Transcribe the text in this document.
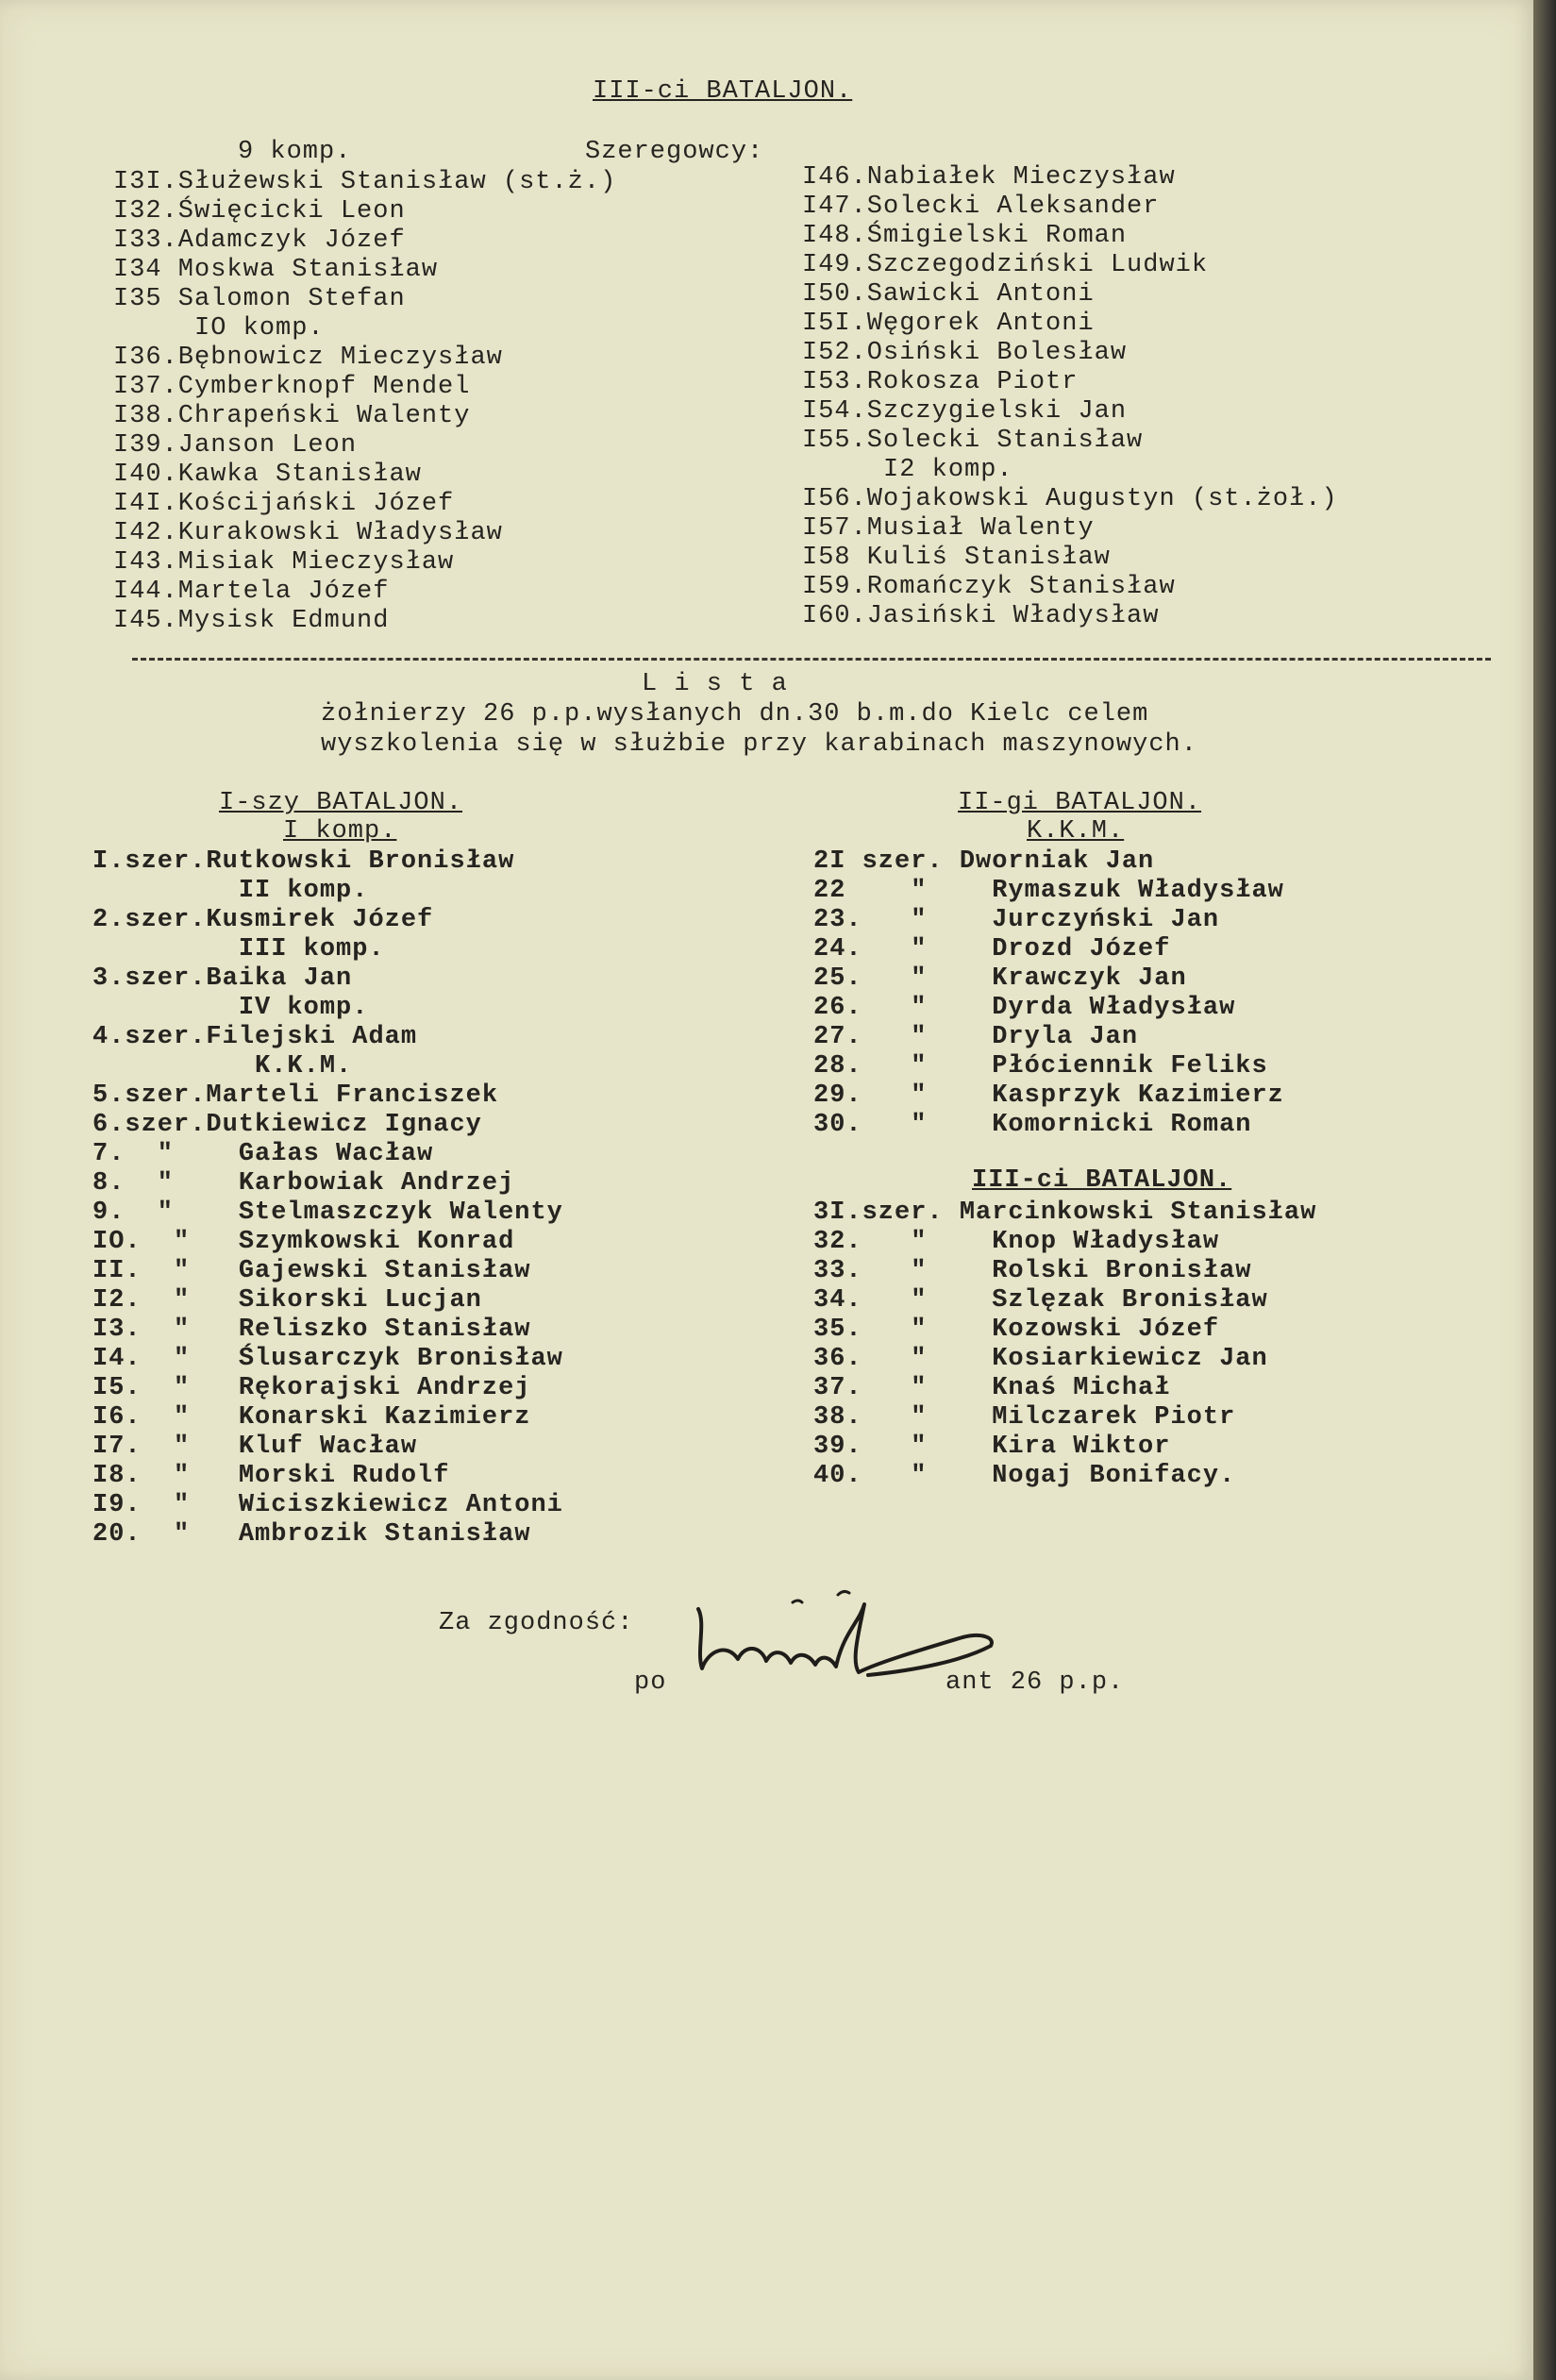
III-ci BATALJON.
9 komp.	Szeregowcy:
I3I.Służewski Stanisław (st.ż.)
I32.Święcicki Leon
I33.Adamczyk Józef
I34 Moskwa Stanisław
I35 Salomon Stefan
IO komp.
I36.Bębnowicz Mieczysław
I37.Cymberknopf Mendel
I38.Chrapeński Walenty
I39.Janson Leon
I40.Kawka Stanisław
I4I.Kościjański Józef
I42.Kurakowski Władysław
I43.Misiak Mieczysław
I44.Martela Józef
I45.Mysisk Edmund
I46.Nabiałek Mieczysław
I47.Solecki Aleksander
I48.Śmigielski Roman
I49.Szczegodziński Ludwik
I50.Sawicki Antoni
I5I.Węgorek Antoni
I52.Osiński Bolesław
I53.Rokosza Piotr
I54.Szczygielski Jan
I55.Solecki Stanisław
I2 komp.
I56.Wojakowski Augustyn (st.żoł.)
I57.Musiał Walenty
I58 Kuliś Stanisław
I59.Romańczyk Stanisław
I60.Jasiński Władysław
L i s t a
żołnierzy 26 p.p.wysłanych dn.30 b.m.do Kielc celem
wyszkolenia się w służbie przy karabinach maszynowych.
I-szy BATALJON.
I komp.
I.szer.Rutkowski Bronisław
II komp.
2.szer.Kusmirek Józef
III komp.
3.szer.Baika Jan
IV komp.
4.szer.Filejski Adam
K.K.M.
5.szer.Marteli Franciszek
6.szer.Dutkiewicz Ignacy
7.  "    Gałas Wacław
8.  "    Karbowiak Andrzej
9.  "    Stelmaszczyk Walenty
IO.  "   Szymkowski Konrad
II.  "   Gajewski Stanisław
I2.  "   Sikorski Lucjan
I3.  "   Reliszko Stanisław
I4.  "   Ślusarczyk Bronisław
I5.  "   Rękorajski Andrzej
I6.  "   Konarski Kazimierz
I7.  "   Kluf Wacław
I8.  "   Morski Rudolf
I9.  "   Wiciszkiewicz Antoni
20.  "   Ambrozik Stanisław
II-gi BATALJON.
K.K.M.
2I szer. Dworniak Jan
22    "    Rymaszuk Władysław
23.   "    Jurczyński Jan
24.   "    Drozd Józef
25.   "    Krawczyk Jan
26.   "    Dyrda Władysław
27.   "    Dryla Jan
28.   "    Płóciennik Feliks
29.   "    Kasprzyk Kazimierz
30.   "    Komornicki Roman
III-ci BATALJON.
3I.szer. Marcinkowski Stanisław
32.   "    Knop Władysław
33.   "    Rolski Bronisław
34.   "    Szlęzak Bronisław
35.   "    Kozowski Józef
36.   "    Kosiarkiewicz Jan
37.   "    Knaś Michał
38.   "    Milczarek Piotr
39.   "    Kira Wiktor
40.   "    Nogaj Bonifacy.
Za zgodność:
po	ant 26 p.p.
